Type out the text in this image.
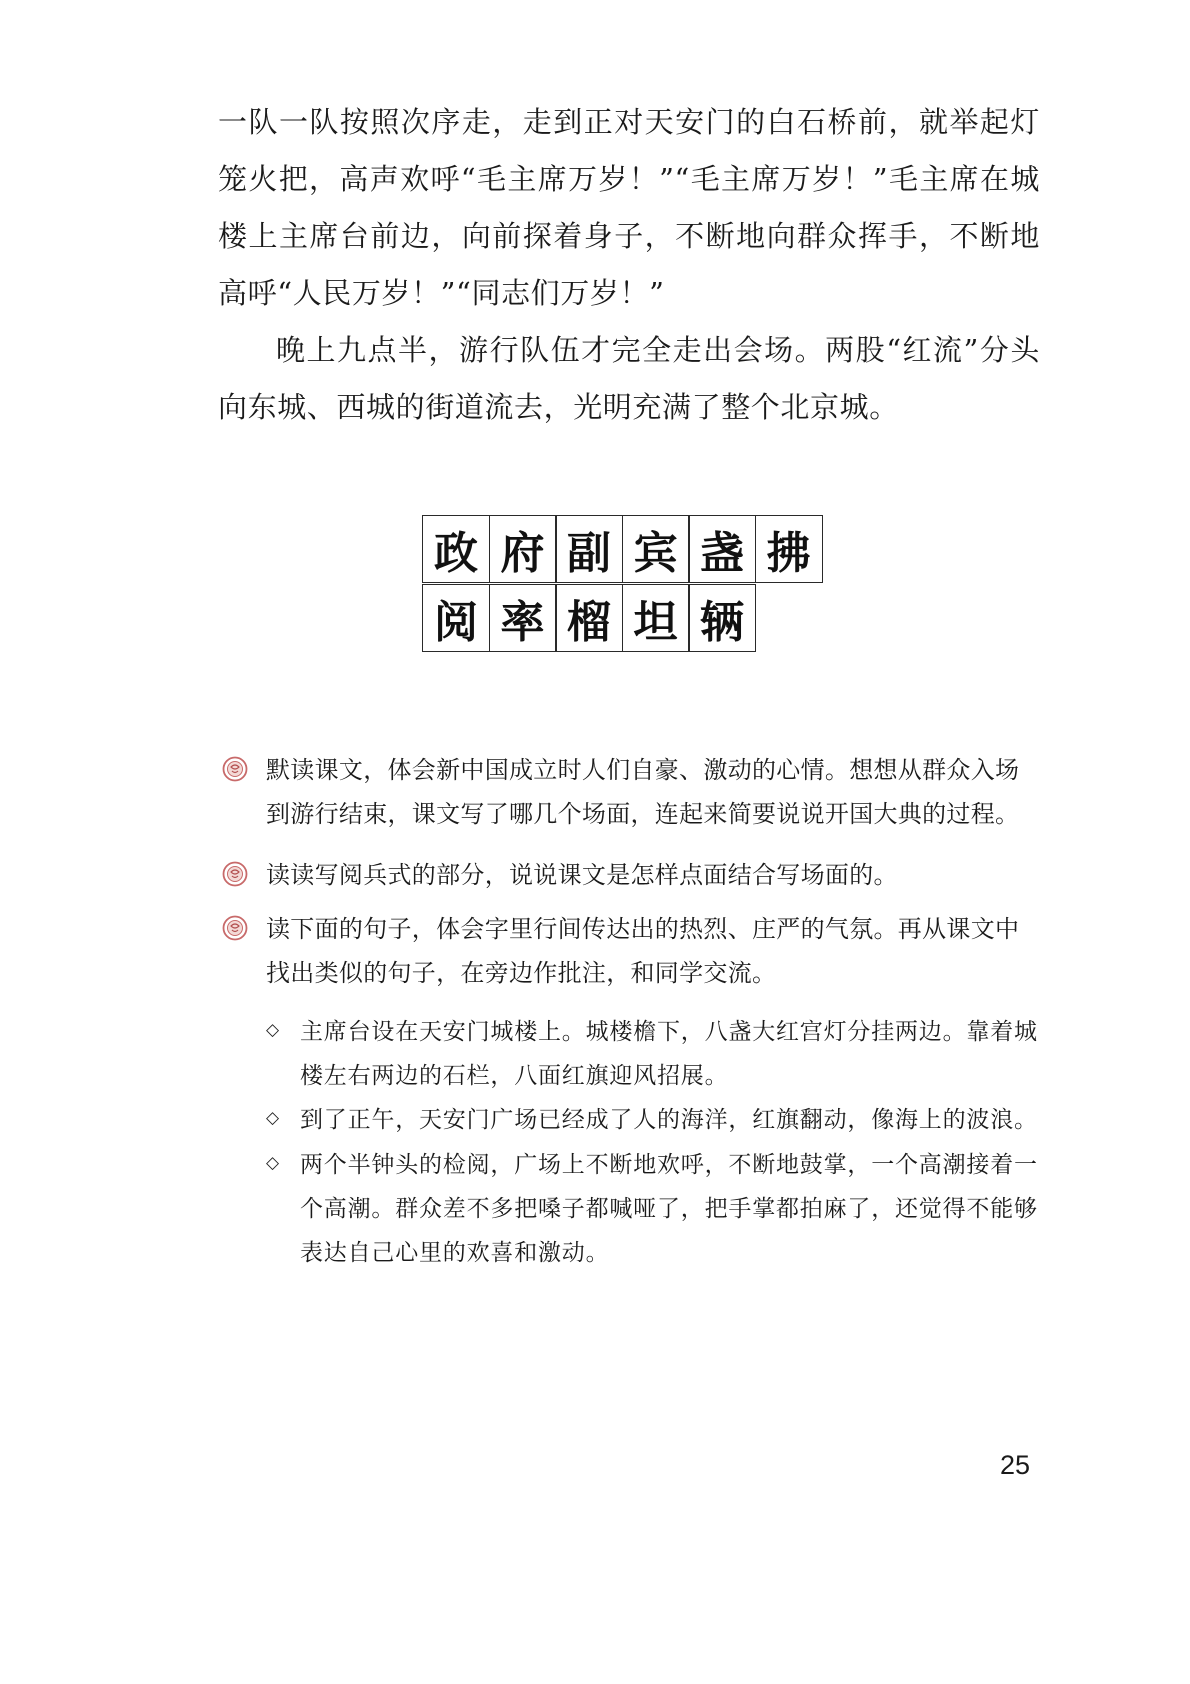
一队一队按照次序走，走到正对天安门的白石桥前，就举起灯笼火把，高声欢呼“毛主席万岁！”“毛主席万岁！”毛主席在城楼上主席台前边，向前探着身子，不断地向群众挥手，不断地高呼“人民万岁！”“同志们万岁！”

晚上九点半，游行队伍才完全走出会场。两股“红流”分头向东城、西城的街道流去，光明充满了整个北京城。

政 府 副 宾 盏 拂
阅 率 榴 坦 辆

默读课文，体会新中国成立时人们自豪、激动的心情。想想从群众入场到游行结束，课文写了哪几个场面，连起来简要说说开国大典的过程。

读读写阅兵式的部分，说说课文是怎样点面结合写场面的。

读下面的句子，体会字里行间传达出的热烈、庄严的气氛。再从课文中找出类似的句子，在旁边作批注，和同学交流。

◇ 主席台设在天安门城楼上。城楼檐下，八盏大红宫灯分挂两边。靠着城楼左右两边的石栏，八面红旗迎风招展。

◇ 到了正午，天安门广场已经成了人的海洋，红旗翻动，像海上的波浪。

◇ 两个半钟头的检阅，广场上不断地欢呼，不断地鼓掌，一个高潮接着一个高潮。群众差不多把嗓子都喊哑了，把手掌都拍麻了，还觉得不能够表达自己心里的欢喜和激动。

25
